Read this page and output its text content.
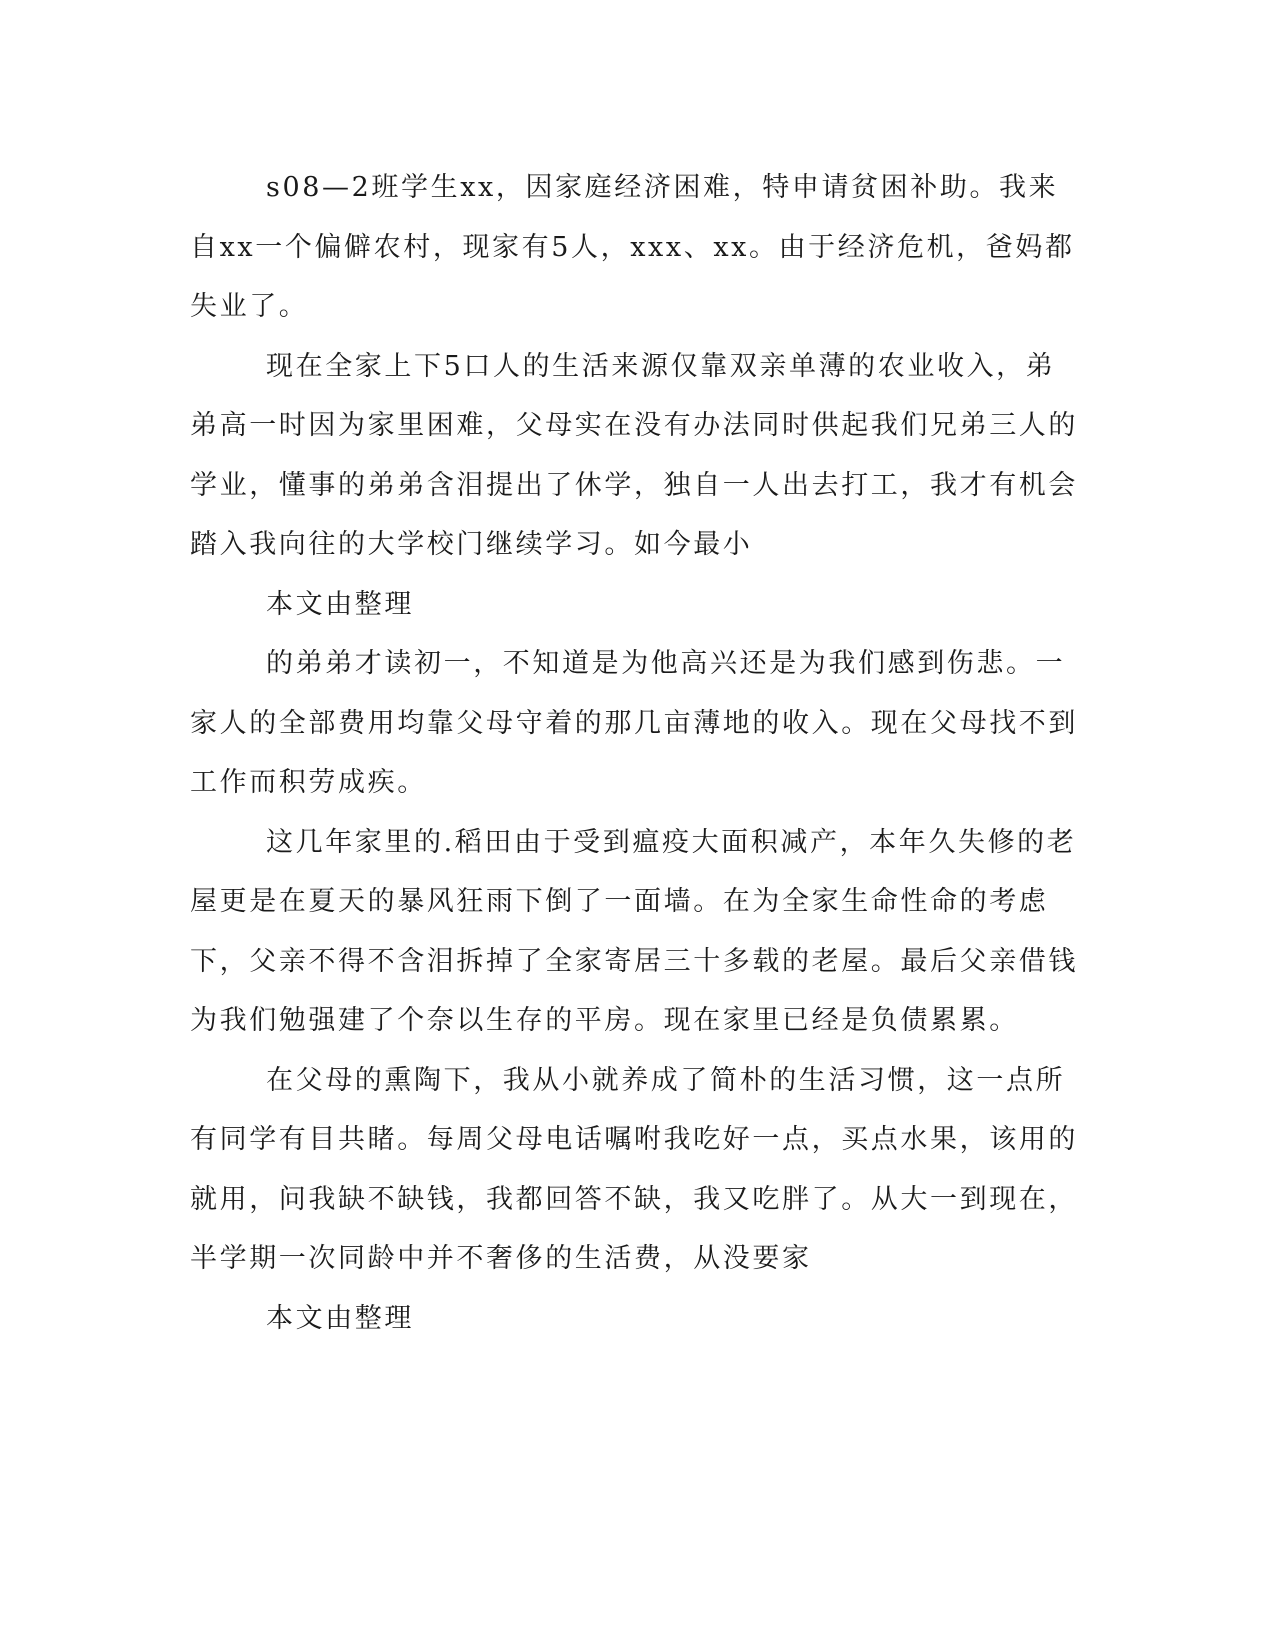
s08—2班学生xx，因家庭经济困难，特申请贫困补助。我来自xx一个偏僻农村，现家有5人，xxx、xx。由于经济危机，爸妈都失业了。

现在全家上下5口人的生活来源仅靠双亲单薄的农业收入，弟弟高一时因为家里困难，父母实在没有办法同时供起我们兄弟三人的学业，懂事的弟弟含泪提出了休学，独自一人出去打工，我才有机会踏入我向往的大学校门继续学习。如今最小

本文由整理

的弟弟才读初一，不知道是为他高兴还是为我们感到伤悲。一家人的全部费用均靠父母守着的那几亩薄地的收入。现在父母找不到工作而积劳成疾。

这几年家里的.稻田由于受到瘟疫大面积减产，本年久失修的老屋更是在夏天的暴风狂雨下倒了一面墙。在为全家生命性命的考虑下，父亲不得不含泪拆掉了全家寄居三十多载的老屋。最后父亲借钱为我们勉强建了个奈以生存的平房。现在家里已经是负债累累。

在父母的熏陶下，我从小就养成了简朴的生活习惯，这一点所有同学有目共睹。每周父母电话嘱咐我吃好一点，买点水果，该用的就用，问我缺不缺钱，我都回答不缺，我又吃胖了。从大一到现在，半学期一次同龄中并不奢侈的生活费，从没要家

本文由整理
